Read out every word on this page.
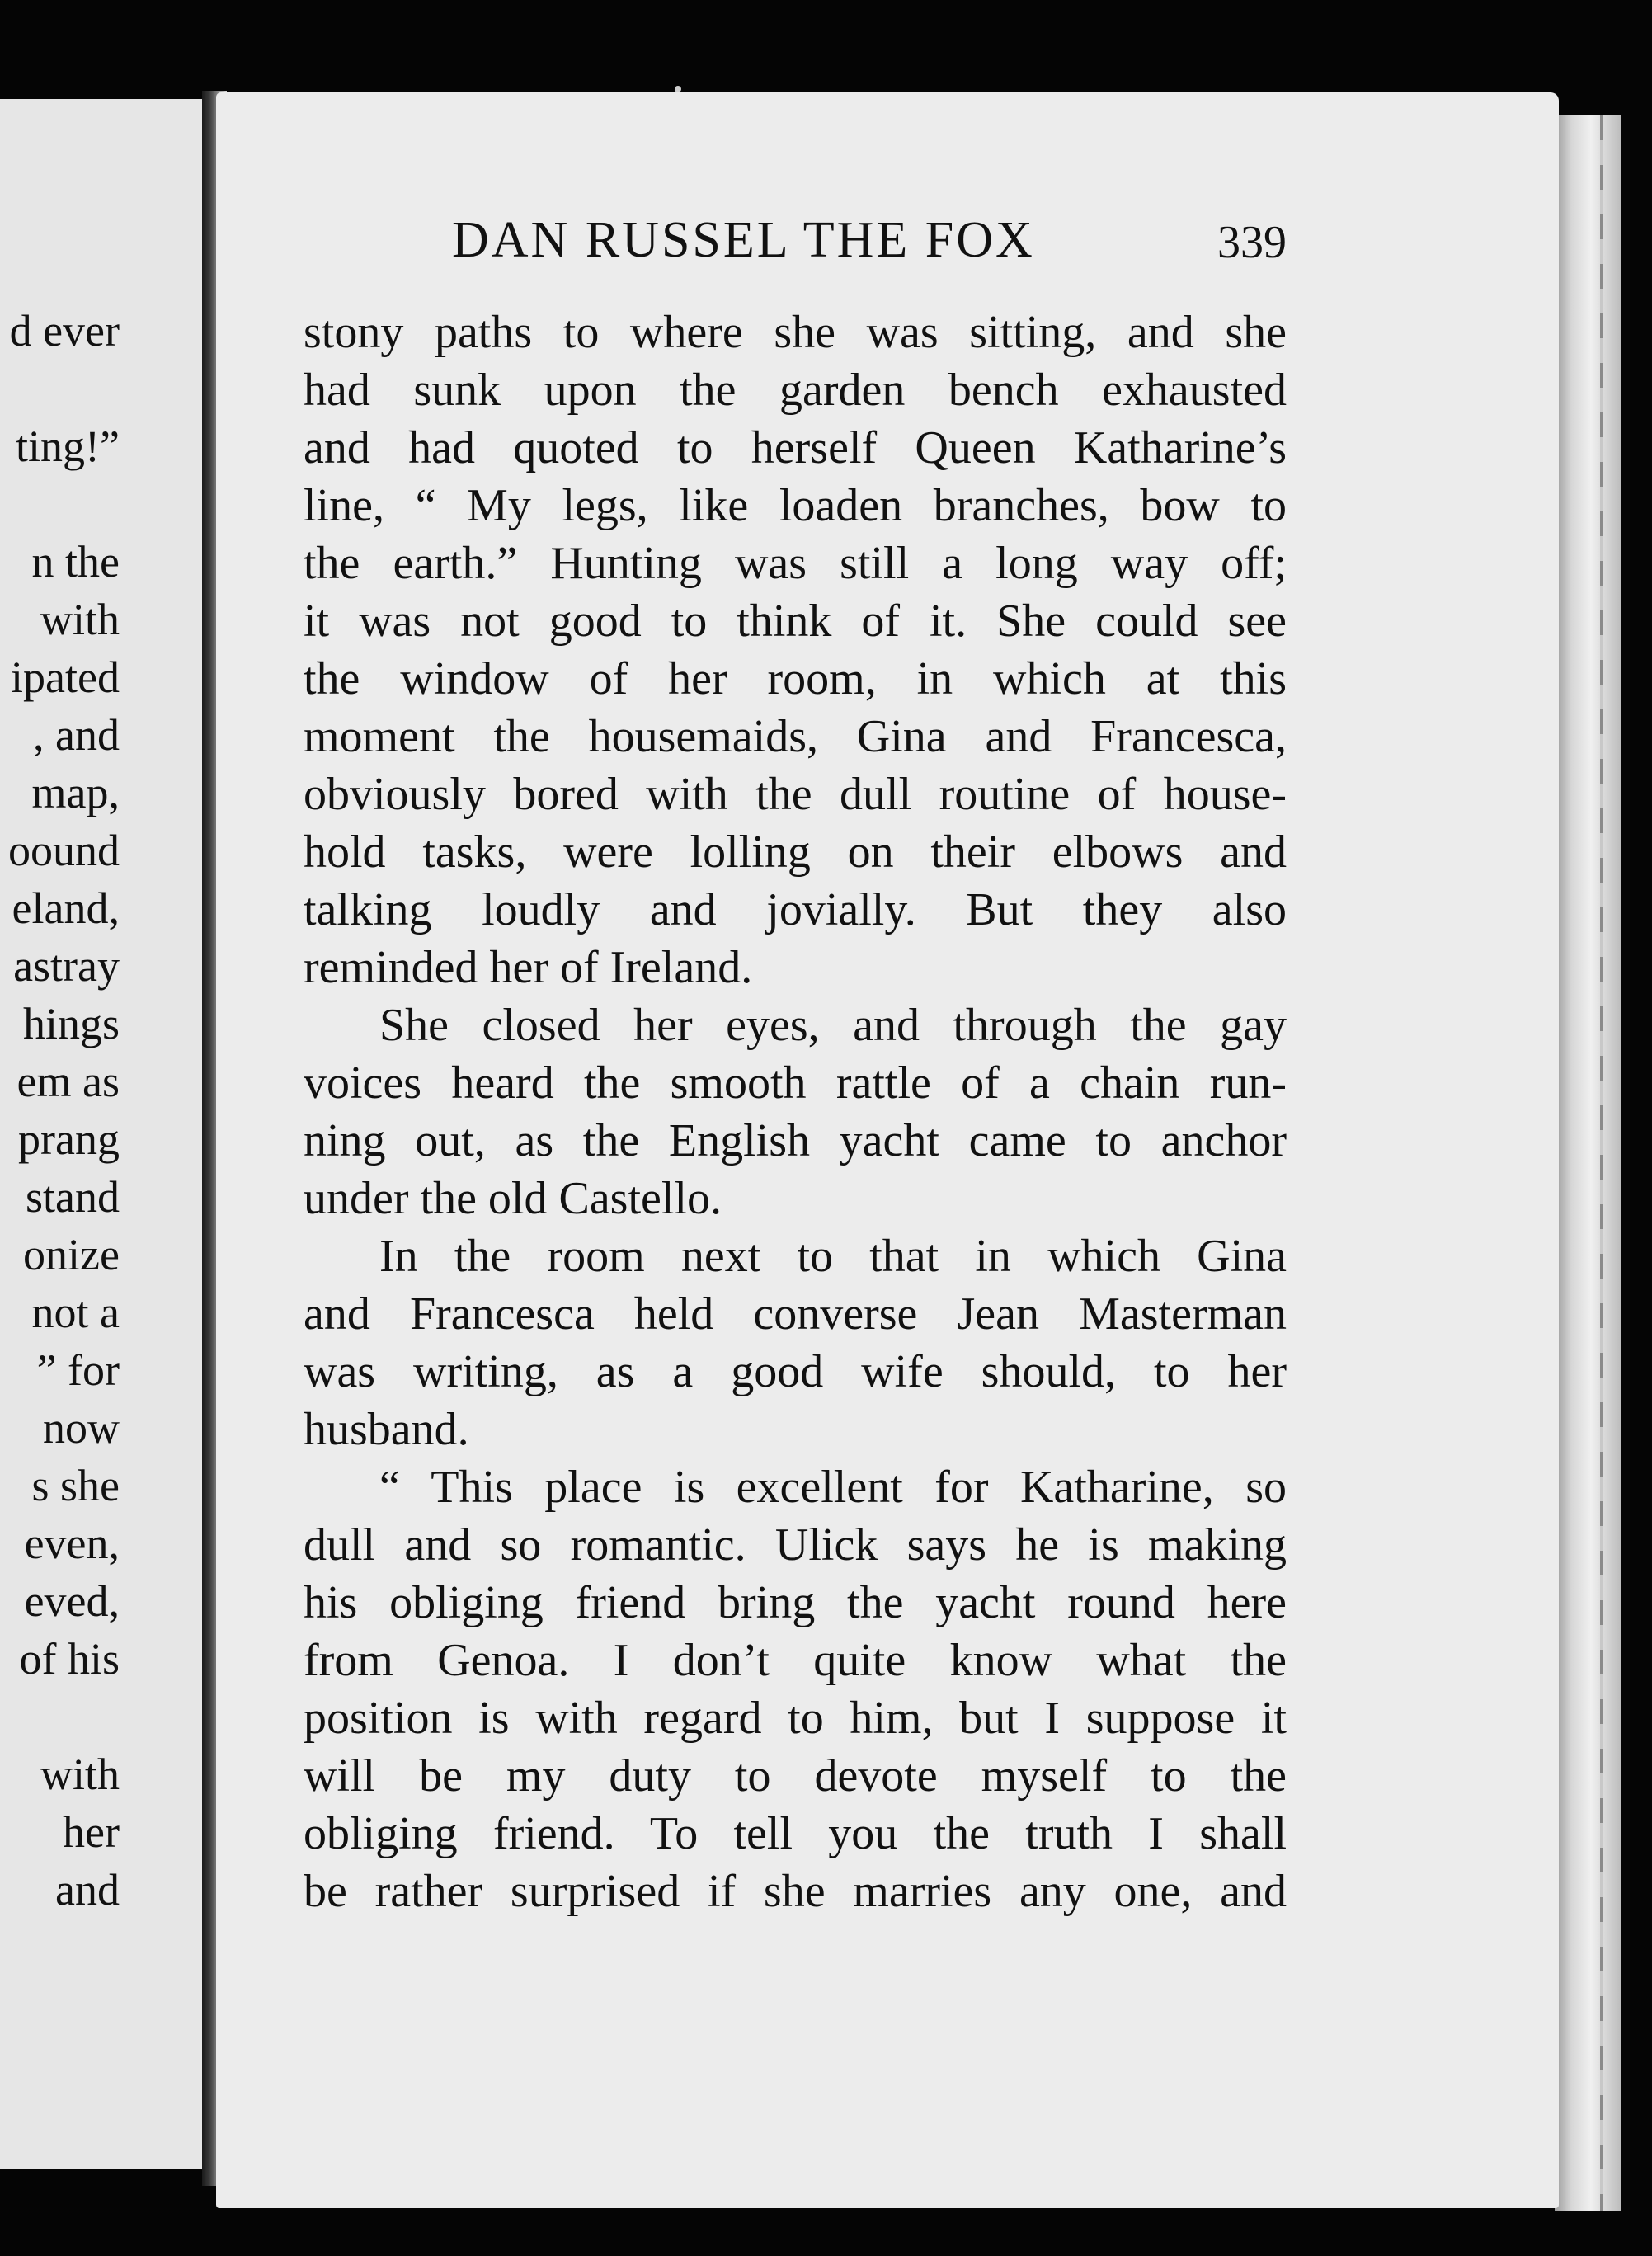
d ever
ting!”
n the
with
ipated
, and
map,
oound
eland,
astray
hings
em as
prang
stand
onize
not a
” for
now
s she
even,
eved,
of his
with
her
and
DAN RUSSEL THE FOX	339
stony paths to where she was sitting, and she
had sunk upon the garden bench exhausted
and had quoted to herself Queen Katharine’s
line, “ My legs, like loaden branches, bow to
the earth.” Hunting was still a long way off;
it was not good to think of it. She could see
the window of her room, in which at this
moment the housemaids, Gina and Francesca,
obviously bored with the dull routine of house-
hold tasks, were lolling on their elbows and
talking loudly and jovially. But they also
reminded her of Ireland.
She closed her eyes, and through the gay
voices heard the smooth rattle of a chain run-
ning out, as the English yacht came to anchor
under the old Castello.
In the room next to that in which Gina
and Francesca held converse Jean Masterman
was writing, as a good wife should, to her
husband.
“ This place is excellent for Katharine, so
dull and so romantic. Ulick says he is making
his obliging friend bring the yacht round here
from Genoa. I don’t quite know what the
position is with regard to him, but I suppose it
will be my duty to devote myself to the
obliging friend. To tell you the truth I shall
be rather surprised if she marries any one, and
